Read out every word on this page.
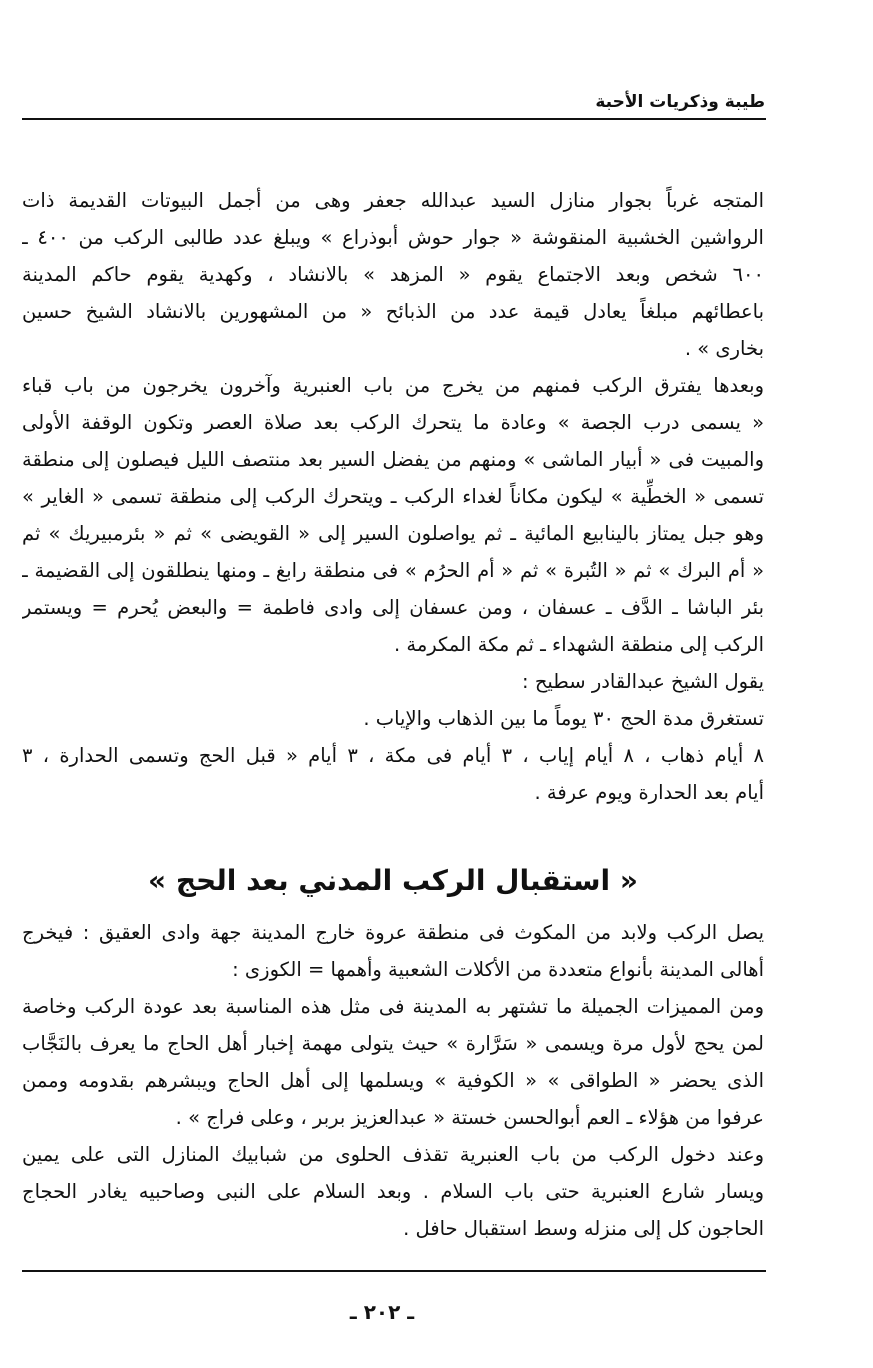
طيبة وذكريات الأحبة
المتجه غرباً بجوار منازل السيد عبدالله جعفر وهى من أجمل البيوتات القديمة ذات
الرواشين الخشبية المنقوشة « جوار حوش أبوذراع » ويبلغ عدد طالبى الركب من ٤٠٠ ـ
٦٠٠ شخص وبعد الاجتماع يقوم « المزهد » بالانشاد ، وكهدية يقوم حاكم المدينة
باعطائهم مبلغاً يعادل قيمة عدد من الذبائح « من المشهورين بالانشاد الشيخ حسين
بخارى » .
وبعدها يفترق الركب فمنهم من يخرج من باب العنبرية وآخرون يخرجون من باب قباء
« يسمى درب الجصة » وعادة ما يتحرك الركب بعد صلاة العصر وتكون الوقفة الأولى
والمبيت فى « أبيار الماشى » ومنهم من يفضل السير بعد منتصف الليل فيصلون إلى منطقة
تسمى « الخطِّية » ليكون مكاناً لغداء الركب ـ ويتحرك الركب إلى منطقة تسمى « الغاير »
وهو جبل يمتاز بالينابيع المائية ـ ثم يواصلون السير إلى « القويضى » ثم « بئرمبيريك » ثم
« أم البرك » ثم « التُبرة » ثم « أم الحرُم » فى منطقة رابغ ـ ومنها ينطلقون إلى القضيمة ـ
بئر الباشا ـ الدَّف ـ عسفان ، ومن عسفان إلى وادى فاطمة = والبعض يُحرم = ويستمر
الركب إلى منطقة الشهداء ـ ثم مكة المكرمة .
يقول الشيخ عبدالقادر سطيح :
تستغرق مدة الحج ٣٠ يوماً ما بين الذهاب والإياب .
٨ أيام ذهاب ، ٨ أيام إياب ، ٣ أيام فى مكة ، ٣ أيام « قبل الحج وتسمى الحدارة ، ٣
أيام بعد الحدارة ويوم عرفة .
« استقبال الركب المدني بعد الحج »
يصل الركب ولابد من المكوث فى منطقة عروة خارج المدينة جهة وادى العقيق : فيخرج
أهالى المدينة بأنواع متعددة من الأكلات الشعبية وأهمها = الكوزى :
ومن المميزات الجميلة ما تشتهر به المدينة فى مثل هذه المناسبة بعد عودة الركب وخاصة
لمن يحج لأول مرة ويسمى « سَرَّارة » حيث يتولى مهمة إخبار أهل الحاج ما يعرف بالنَجَّاب
الذى يحضر « الطواقى » « الكوفية » ويسلمها إلى أهل الحاج ويبشرهم بقدومه وممن
عرفوا من هؤلاء ـ العم أبوالحسن خستة « عبدالعزيز بربر ، وعلى فراج » .
وعند دخول الركب من باب العنبرية تقذف الحلوى من شبابيك المنازل التى على يمين
ويسار شارع العنبرية حتى باب السلام . وبعد السلام على النبى وصاحبيه يغادر الحجاج
الحاجون كل إلى منزله وسط استقبال حافل .
ـ ٢٠٢ ـ
